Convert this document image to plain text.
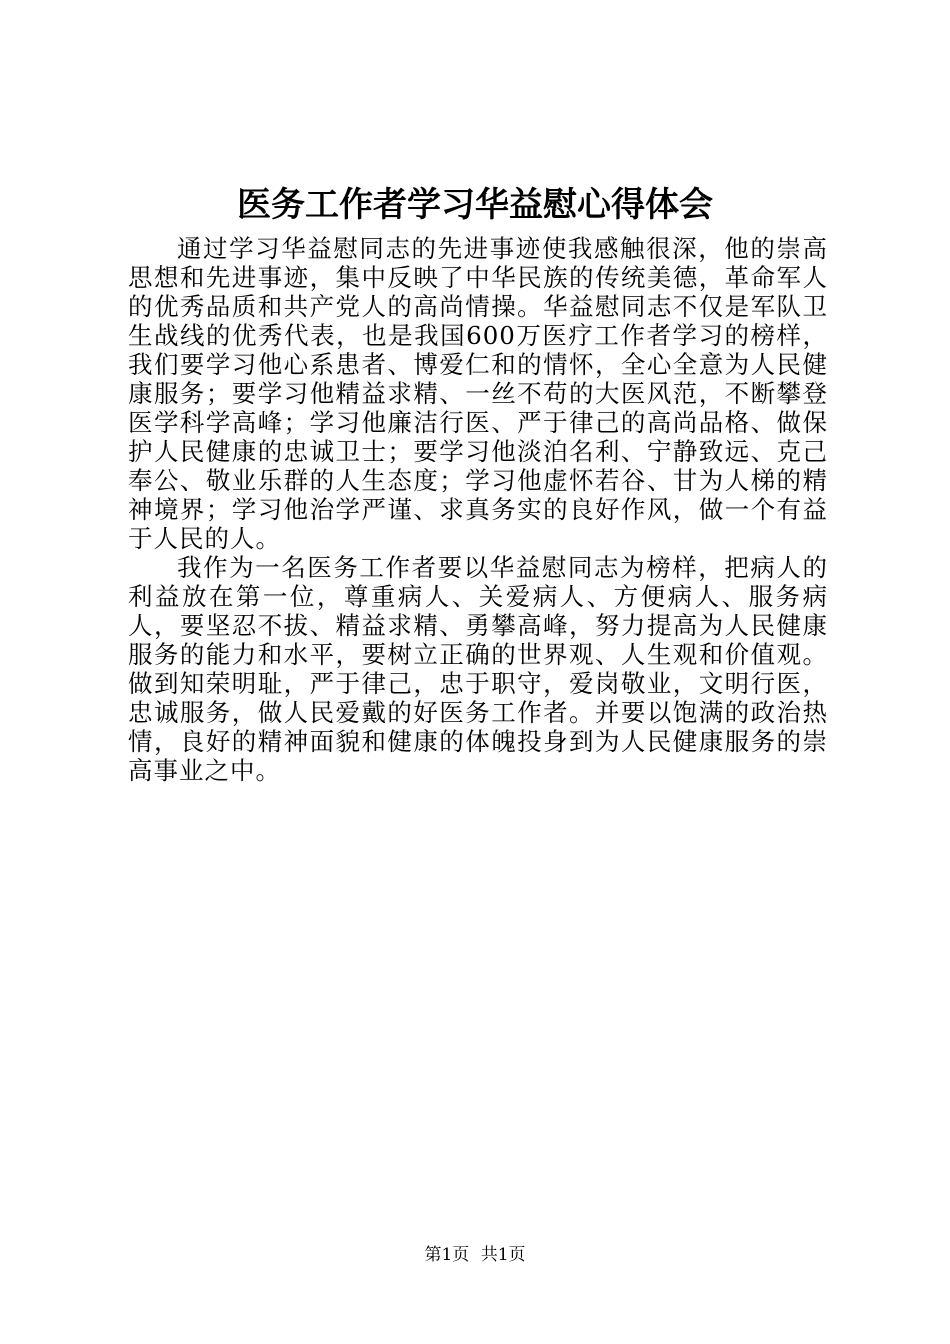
医务工作者学习华益慰心得体会

通过学习华益慰同志的先进事迹使我感触很深，他的崇高思想和先进事迹，集中反映了中华民族的传统美德，革命军人的优秀品质和共产党人的高尚情操。华益慰同志不仅是军队卫生战线的优秀代表，也是我国600万医疗工作者学习的榜样，我们要学习他心系患者、博爱仁和的情怀，全心全意为人民健康服务；要学习他精益求精、一丝不苟的大医风范，不断攀登医学科学高峰；学习他廉洁行医、严于律己的高尚品格、做保护人民健康的忠诚卫士；要学习他淡泊名利、宁静致远、克己奉公、敬业乐群的人生态度；学习他虚怀若谷、甘为人梯的精神境界；学习他治学严谨、求真务实的良好作风，做一个有益于人民的人。

我作为一名医务工作者要以华益慰同志为榜样，把病人的利益放在第一位，尊重病人、关爱病人、方便病人、服务病人，要坚忍不拔、精益求精、勇攀高峰，努力提高为人民健康服务的能力和水平，要树立正确的世界观、人生观和价值观。做到知荣明耻，严于律己，忠于职守，爱岗敬业，文明行医，忠诚服务，做人民爱戴的好医务工作者。并要以饱满的政治热情，良好的精神面貌和健康的体魄投身到为人民健康服务的崇高事业之中。

第1页 共1页
